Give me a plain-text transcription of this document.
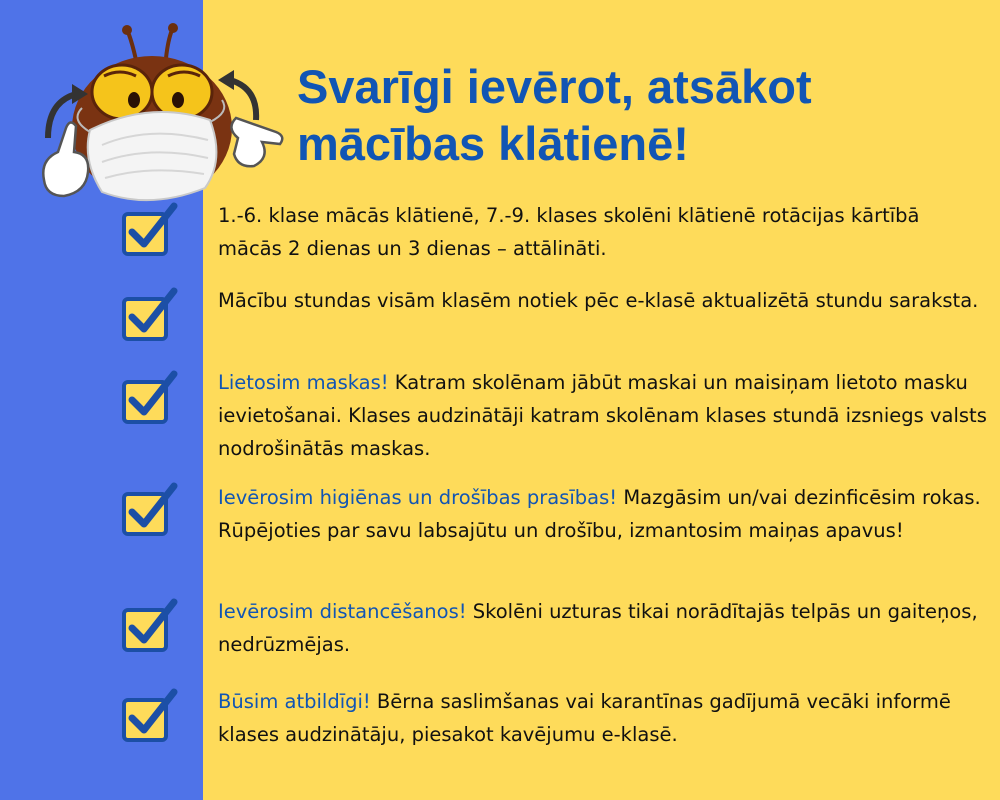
Svarīgi ievērot, atsākot
mācības klātienē!

1.-6. klase mācās klātienē, 7.-9. klases skolēni klātienē rotācijas kārtībā mācās 2 dienas un 3 dienas – attālināti.

Mācību stundas visām klasēm notiek pēc e-klasē aktualizētā stundu saraksta.

Lietosim maskas! Katram skolēnam jābūt maskai un maisiņam lietoto masku ievietošanai. Klases audzinātāji katram skolēnam klases stundā izsniegs valsts nodrošinātās maskas.

Ievērosim higiēnas un drošības prasības! Mazgāsim un/vai dezinficēsim rokas. Rūpējoties par savu labsajūtu un drošību, izmantosim maiņas apavus!

Ievērosim distancēšanos! Skolēni uzturas tikai norādītajās telpās un gaiteņos, nedrūzmējas.

Būsim atbildīgi! Bērna saslimšanas vai karantīnas gadījumā vecāki informē klases audzinātāju, piesakot kavējumu e-klasē.
